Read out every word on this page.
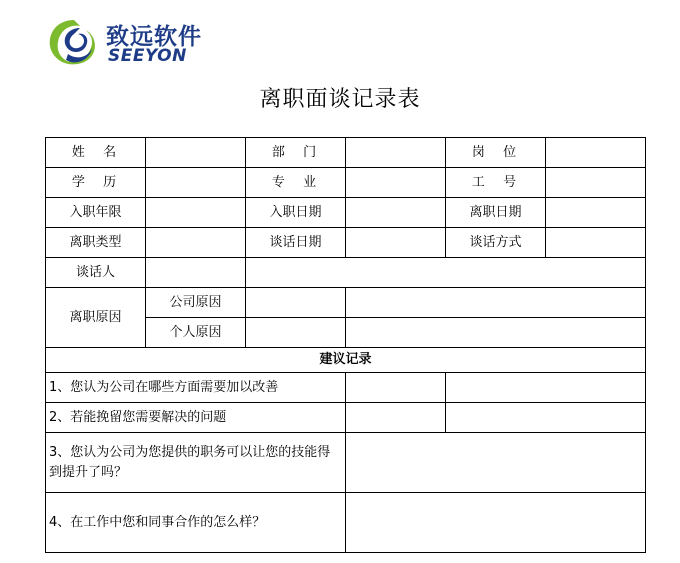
致远软件
SEEYON
离职面谈记录表
姓名		部门		岗位	
学历		专业		工号	
入职年限		入职日期		离职日期	
离职类型		谈话日期		谈话方式	
谈话人					
离职原因	公司原因				
	个人原因				
建议记录					
1、您认为公司在哪些方面需要加以改善					
2、若能挽留您需要解决的问题					
3、您认为公司为您提供的职务可以让您的技能得到提升了吗？					
4、在工作中您和同事合作的怎么样？					
